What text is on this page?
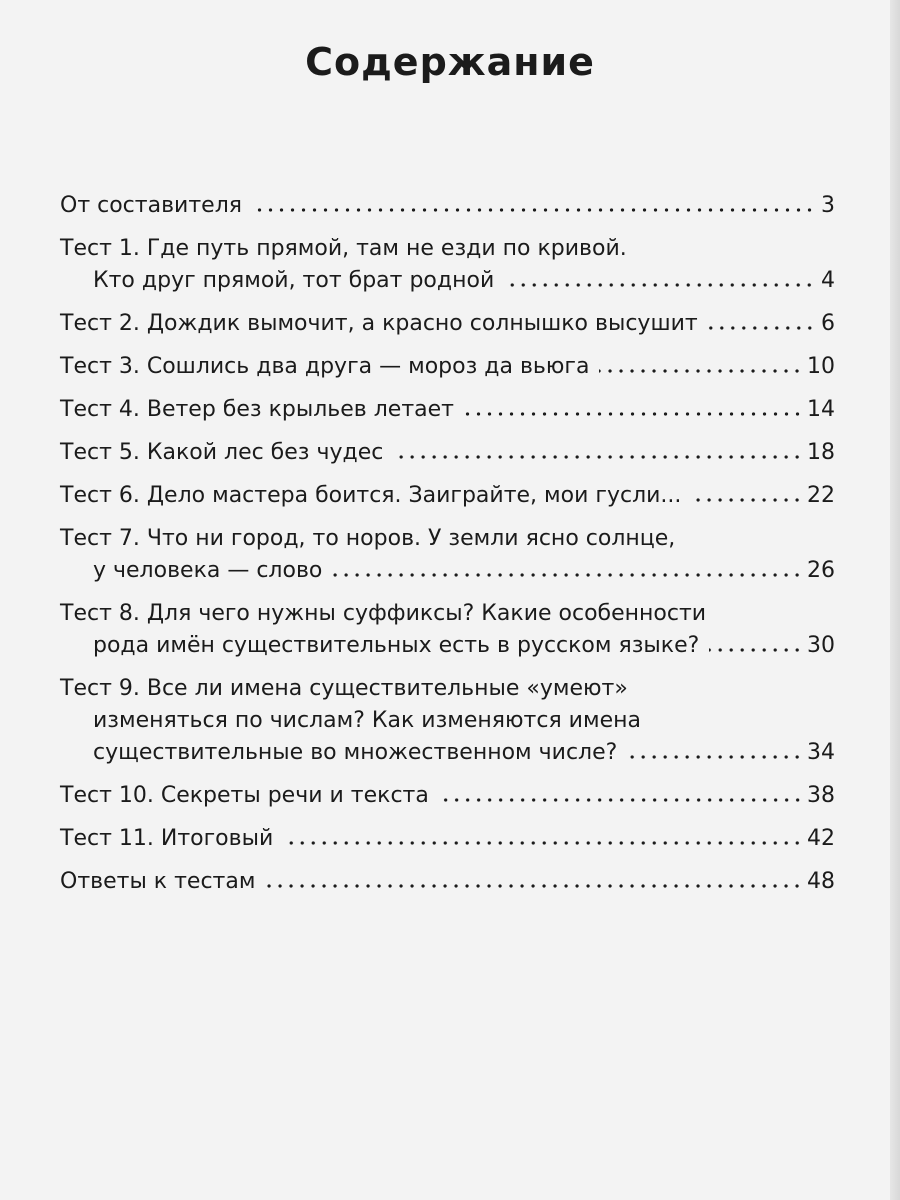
Содержание
От составителя	3
Тест 1. Где путь прямой, там не езди по кривой.
Кто друг прямой, тот брат родной	4
Тест 2. Дождик вымочит, а красно солнышко высушит	6
Тест 3. Сошлись два друга — мороз да вьюга	10
Тест 4. Ветер без крыльев летает	14
Тест 5. Какой лес без чудес	18
Тест 6. Дело мастера боится. Заиграйте, мои гусли...	22
Тест 7. Что ни город, то норов. У земли ясно солнце,
у человека — слово	26
Тест 8. Для чего нужны суффиксы? Какие особенности
рода имён существительных есть в русском языке?	30
Тест 9. Все ли имена существительные «умеют»
изменяться по числам? Как изменяются имена
существительные во множественном числе?	34
Тест 10. Секреты речи и текста	38
Тест 11. Итоговый	42
Ответы к тестам	48
